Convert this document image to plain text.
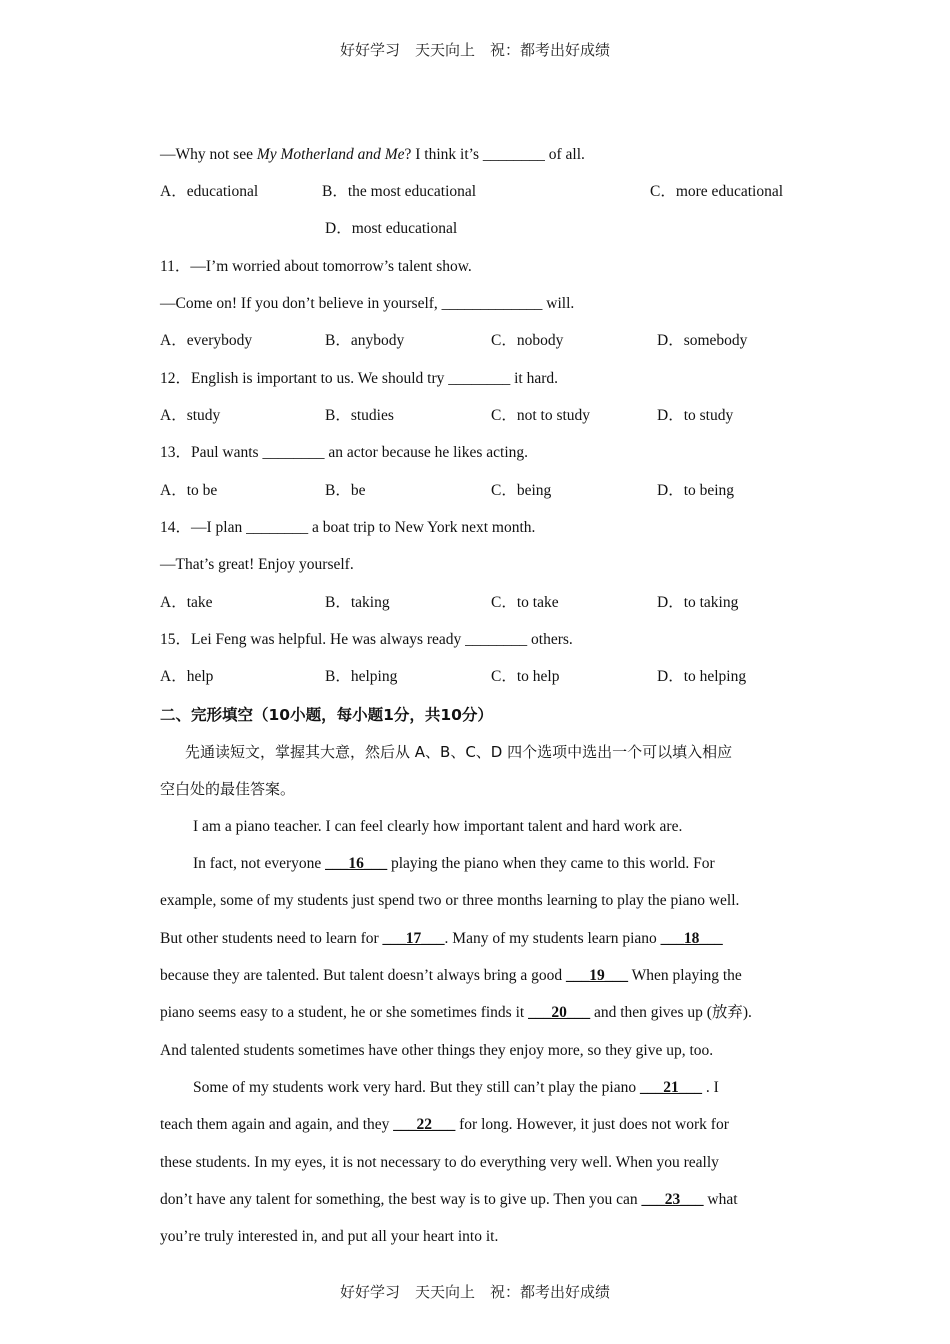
好好学习　天天向上　祝：都考出好成绩
—Why not see My Motherland and Me? I think it’s ________ of all.
A．educational	B．the most educational	C．more educational
D．most educational
11．—I’m worried about tomorrow’s talent show.
—Come on! If you don’t believe in yourself, _____________ will.
A．everybody	B．anybody	C．nobody	D．somebody
12．English is important to us. We should try ________ it hard.
A．study	B．studies	C．not to study	D．to study
13．Paul wants ________ an actor because he likes acting.
A．to be	B．be	C．being	D．to being
14．—I plan ________ a boat trip to New York next month.
—That’s great! Enjoy yourself.
A．take	B．taking	C．to take	D．to taking
15．Lei Feng was helpful. He was always ready ________ others.
A．help	B．helping	C．to help	D．to helping
二、完形填空（10小题，每小题1分，共10分）
先通读短文，掌握其大意，然后从 A、B、C、D 四个选项中选出一个可以填入相应
空白处的最佳答案。
I am a piano teacher. I can feel clearly how important talent and hard work are.
In fact, not everyone ___16___ playing the piano when they came to this world. For
example, some of my students just spend two or three months learning to play the piano well.
But other students need to learn for ___17___. Many of my students learn piano ___18___
because they are talented. But talent doesn’t always bring a good ___19___ When playing the
piano seems easy to a student, he or she sometimes finds it ___20___ and then gives up (放弃).
And talented students sometimes have other things they enjoy more, so they give up, too.
Some of my students work very hard. But they still can’t play the piano ___21___ . I
teach them again and again, and they ___22___ for long. However, it just does not work for
these students. In my eyes, it is not necessary to do everything very well. When you really
don’t have any talent for something, the best way is to give up. Then you can ___23___ what
you’re truly interested in, and put all your heart into it.
好好学习　天天向上　祝：都考出好成绩
